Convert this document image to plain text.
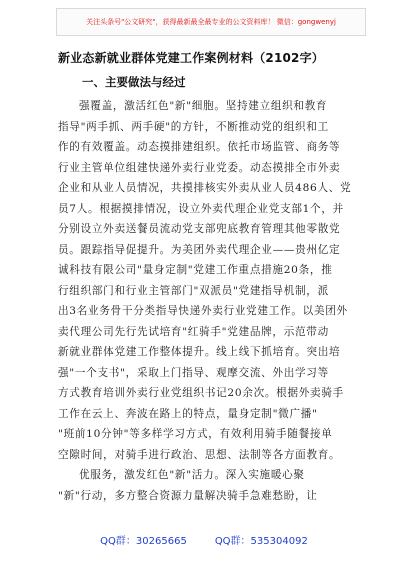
关注头条号"公文研究"，获得最新最全最专业的公文资料库！ 微信：gongwenyj

新业态新就业群体党建工作案例材料（2102字）

一、主要做法与经过

强覆盖，激活红色"新"细胞。坚持建立组织和教育
指导"两手抓、两手硬"的方针，不断推动党的组织和工
作的有效覆盖。动态摸排建组织。依托市场监管、商务等
行业主管单位组建快递外卖行业党委。动态摸排全市外卖
企业和从业人员情况，共摸排核实外卖从业人员486人、党
员7人。根据摸排情况，设立外卖代理企业党支部1个，并
分别设立外卖送餐员流动党支部兜底教育管理其他零散党
员。跟踪指导促提升。为美团外卖代理企业——贵州亿定
诚科技有限公司"量身定制"党建工作重点措施20条，推
行组织部门和行业主管部门"双派员"党建指导机制，派
出3名业务骨干分类指导快递外卖行业党建工作。以美团外
卖代理公司先行先试培育"红骑手"党建品牌，示范带动
新就业群体党建工作整体提升。线上线下抓培育。突出培
强"一个支书"，采取上门指导、观摩交流、外出学习等
方式教育培训外卖行业党组织书记20余次。根据外卖骑手
工作在云上、奔波在路上的特点，量身定制"微广播"
"班前10分钟"等多样学习方式，有效利用骑手随餐接单
空隙时间，对骑手进行政治、思想、法制等各方面教育。
优服务，激发红色"新"活力。深入实施暖心聚
"新"行动，多方整合资源力量解决骑手急难愁盼，让
QQ群：30265665	QQ群：535304092
